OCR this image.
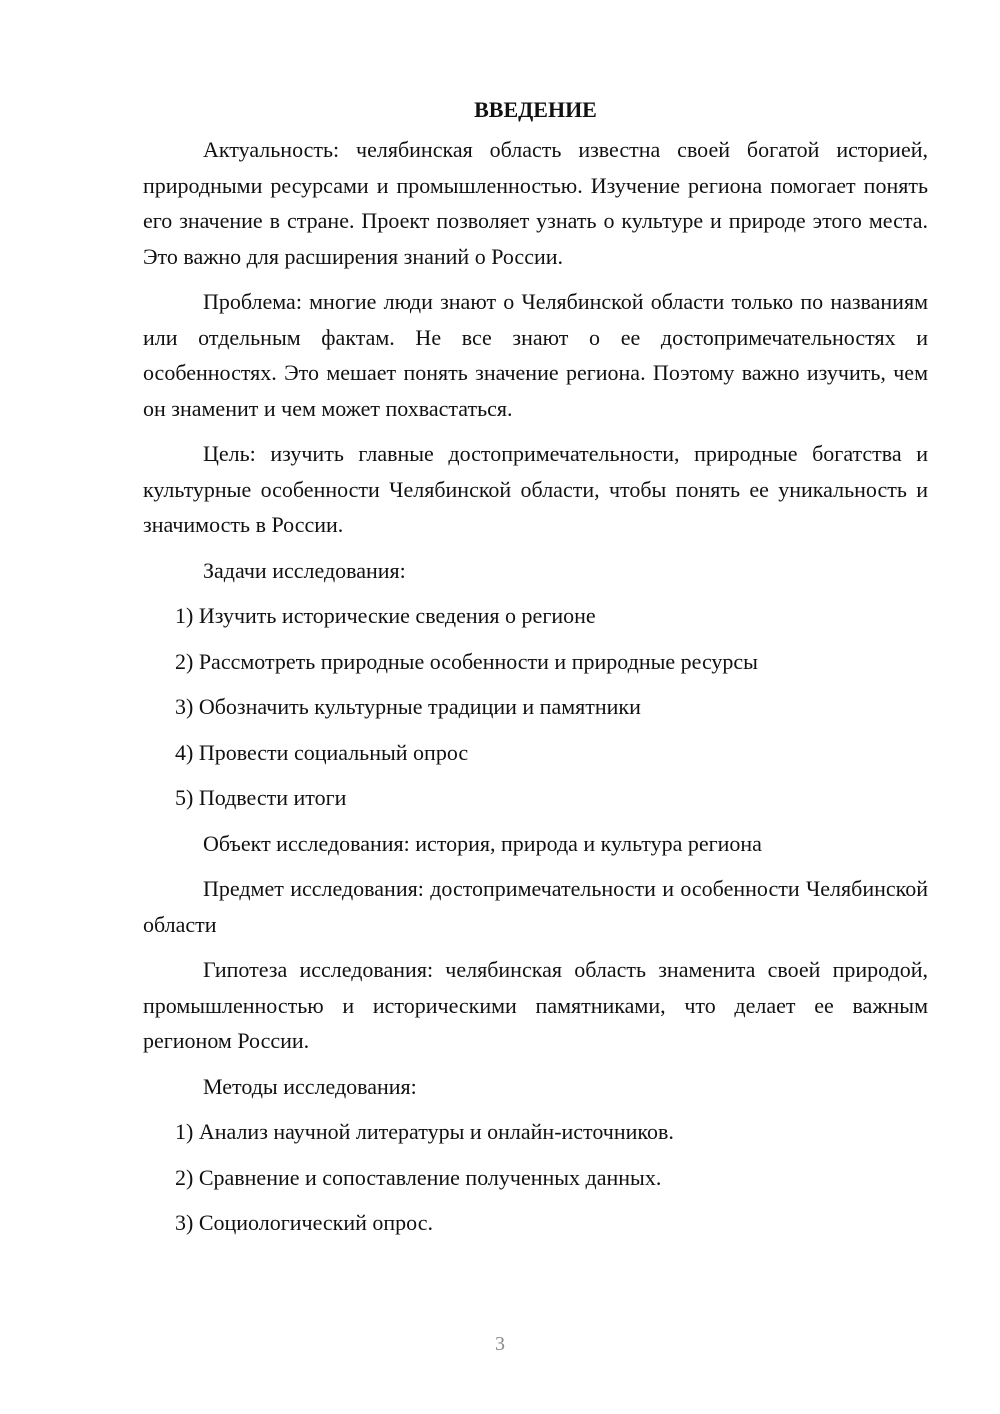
ВВЕДЕНИЕ

Актуальность: челябинская область известна своей богатой историей, природными ресурсами и промышленностью. Изучение региона помогает понять его значение в стране. Проект позволяет узнать о культуре и природе этого места. Это важно для расширения знаний о России.

Проблема: многие люди знают о Челябинской области только по названиям или отдельным фактам. Не все знают о ее достопримечательностях и особенностях. Это мешает понять значение региона. Поэтому важно изучить, чем он знаменит и чем может похвастаться.

Цель: изучить главные достопримечательности, природные богатства и культурные особенности Челябинской области, чтобы понять ее уникальность и значимость в России.

Задачи исследования:

1) Изучить исторические сведения о регионе

2) Рассмотреть природные особенности и природные ресурсы

3) Обозначить культурные традиции и памятники

4) Провести социальный опрос

5) Подвести итоги

Объект исследования: история, природа и культура региона

Предмет исследования: достопримечательности и особенности Челябинской области

Гипотеза исследования: челябинская область знаменита своей природой, промышленностью и историческими памятниками, что делает ее важным регионом России.

Методы исследования:

1) Анализ научной литературы и онлайн-источников.

2) Сравнение и сопоставление полученных данных.

3) Социологический опрос.

3
